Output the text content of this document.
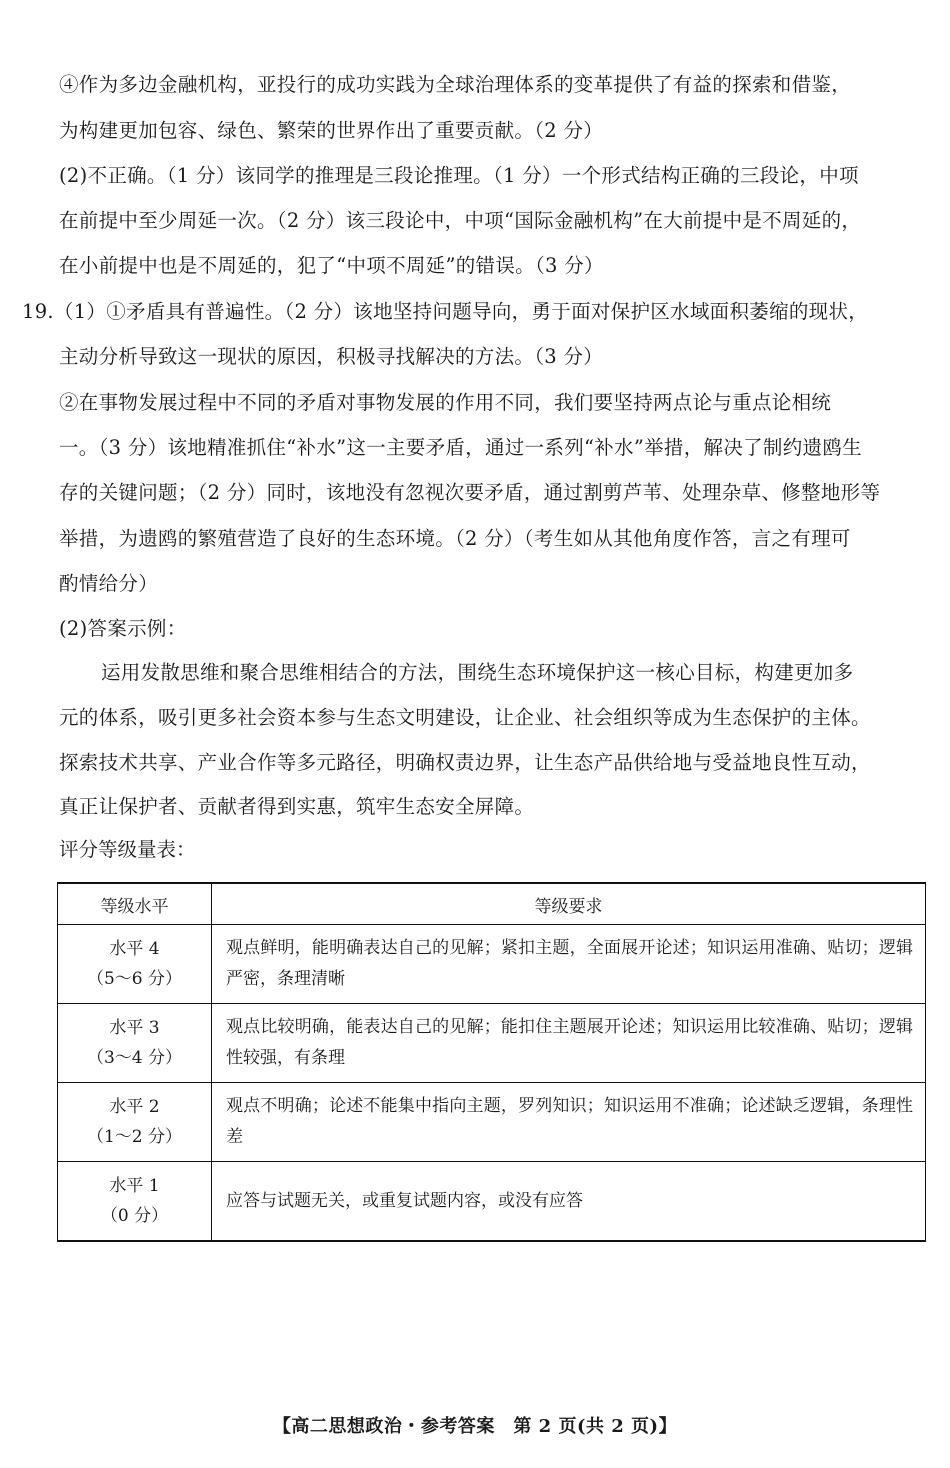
④作为多边金融机构，亚投行的成功实践为全球治理体系的变革提供了有益的探索和借鉴，
为构建更加包容、绿色、繁荣的世界作出了重要贡献。（2 分）
(2)不正确。（1 分）该同学的推理是三段论推理。（1 分）一个形式结构正确的三段论，中项
在前提中至少周延一次。（2 分）该三段论中，中项“国际金融机构”在大前提中是不周延的，
在小前提中也是不周延的，犯了“中项不周延”的错误。（3 分）
19.（1）①矛盾具有普遍性。（2 分）该地坚持问题导向，勇于面对保护区水域面积萎缩的现状，
主动分析导致这一现状的原因，积极寻找解决的方法。（3 分）
②在事物发展过程中不同的矛盾对事物发展的作用不同，我们要坚持两点论与重点论相统
一。（3 分）该地精准抓住“补水”这一主要矛盾，通过一系列“补水”举措，解决了制约遗鸥生
存的关键问题；（2 分）同时，该地没有忽视次要矛盾，通过割剪芦苇、处理杂草、修整地形等
举措，为遗鸥的繁殖营造了良好的生态环境。（2 分）（考生如从其他角度作答，言之有理可
酌情给分）
(2)答案示例：
运用发散思维和聚合思维相结合的方法，围绕生态环境保护这一核心目标，构建更加多
元的体系，吸引更多社会资本参与生态文明建设，让企业、社会组织等成为生态保护的主体。
探索技术共享、产业合作等多元路径，明确权责边界，让生态产品供给地与受益地良性互动，
真正让保护者、贡献者得到实惠，筑牢生态安全屏障。
评分等级量表：
等级水平	等级要求

水平 4
（5～6 分）	观点鲜明，能明确表达自己的见解；紧扣主题，全面展开论述；知识运用准确、贴切；逻辑严密，条理清晰

水平 3
（3～4 分）	观点比较明确，能表达自己的见解；能扣住主题展开论述；知识运用比较准确、贴切；逻辑性较强，有条理

水平 2
（1～2 分）	观点不明确；论述不能集中指向主题，罗列知识；知识运用不准确；论述缺乏逻辑，条理性差

水平 1
（0 分）	应答与试题无关，或重复试题内容，或没有应答
【高二思想政治・参考答案　第 2 页(共 2 页)】
